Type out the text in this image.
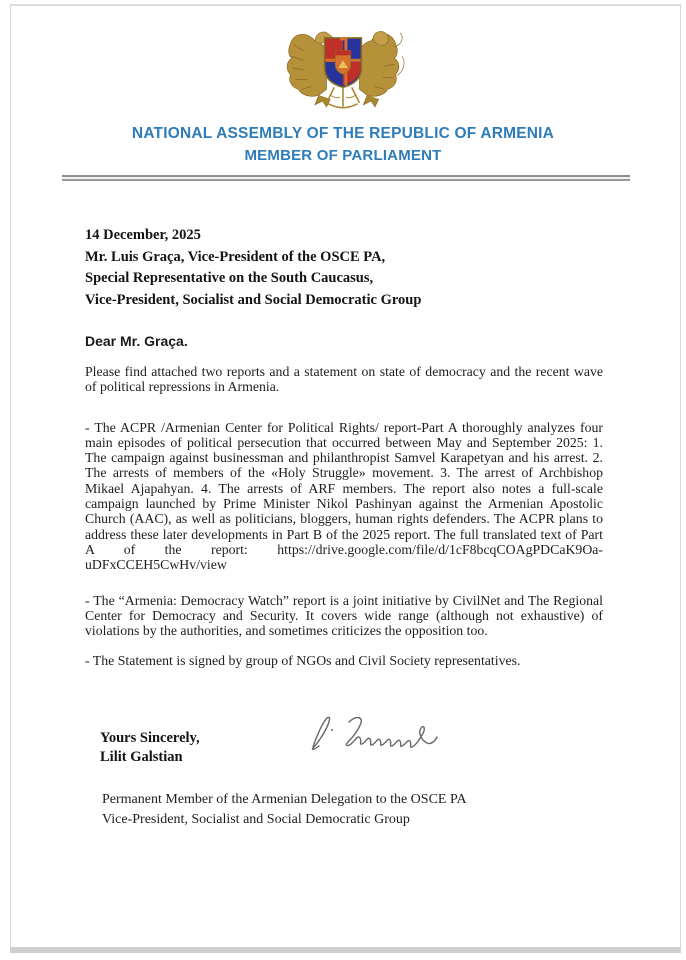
NATIONAL ASSEMBLY OF THE REPUBLIC OF ARMENIA
MEMBER OF PARLIAMENT
14 December, 2025
Mr. Luis Graça, Vice-President of the OSCE PA,
Special Representative on the South Caucasus,
Vice-President, Socialist and Social Democratic Group
Dear Mr. Graça.

Please find attached two reports and a statement on state of democracy and the recent wave of political repressions in Armenia.

- The ACPR /Armenian Center for Political Rights/ report-Part A thoroughly analyzes four main episodes of political persecution that occurred between May and September 2025: 1. The campaign against businessman and philanthropist Samvel Karapetyan and his arrest. 2. The arrests of members of the «Holy Struggle» movement. 3. The arrest of Archbishop Mikael Ajapahyan. 4. The arrests of ARF members. The report also notes a full-scale campaign launched by Prime Minister Nikol Pashinyan against the Armenian Apostolic Church (AAC), as well as politicians, bloggers, human rights defenders. The ACPR plans to address these later developments in Part B of the 2025 report. The full translated text of Part A of the report: https://drive.google.com/file/d/1cF8bcqCOAgPDCaK9Oa-uDFxCCEH5CwHv/view

- The “Armenia: Democracy Watch” report is a joint initiative by CivilNet and The Regional Center for Democracy and Security. It covers wide range (although not exhaustive) of violations by the authorities, and sometimes criticizes the opposition too.

- The Statement is signed by group of NGOs and Civil Society representatives.

Yours Sincerely,
Lilit Galstian
Permanent Member of the Armenian Delegation to the OSCE PA
Vice-President, Socialist and Social Democratic Group
